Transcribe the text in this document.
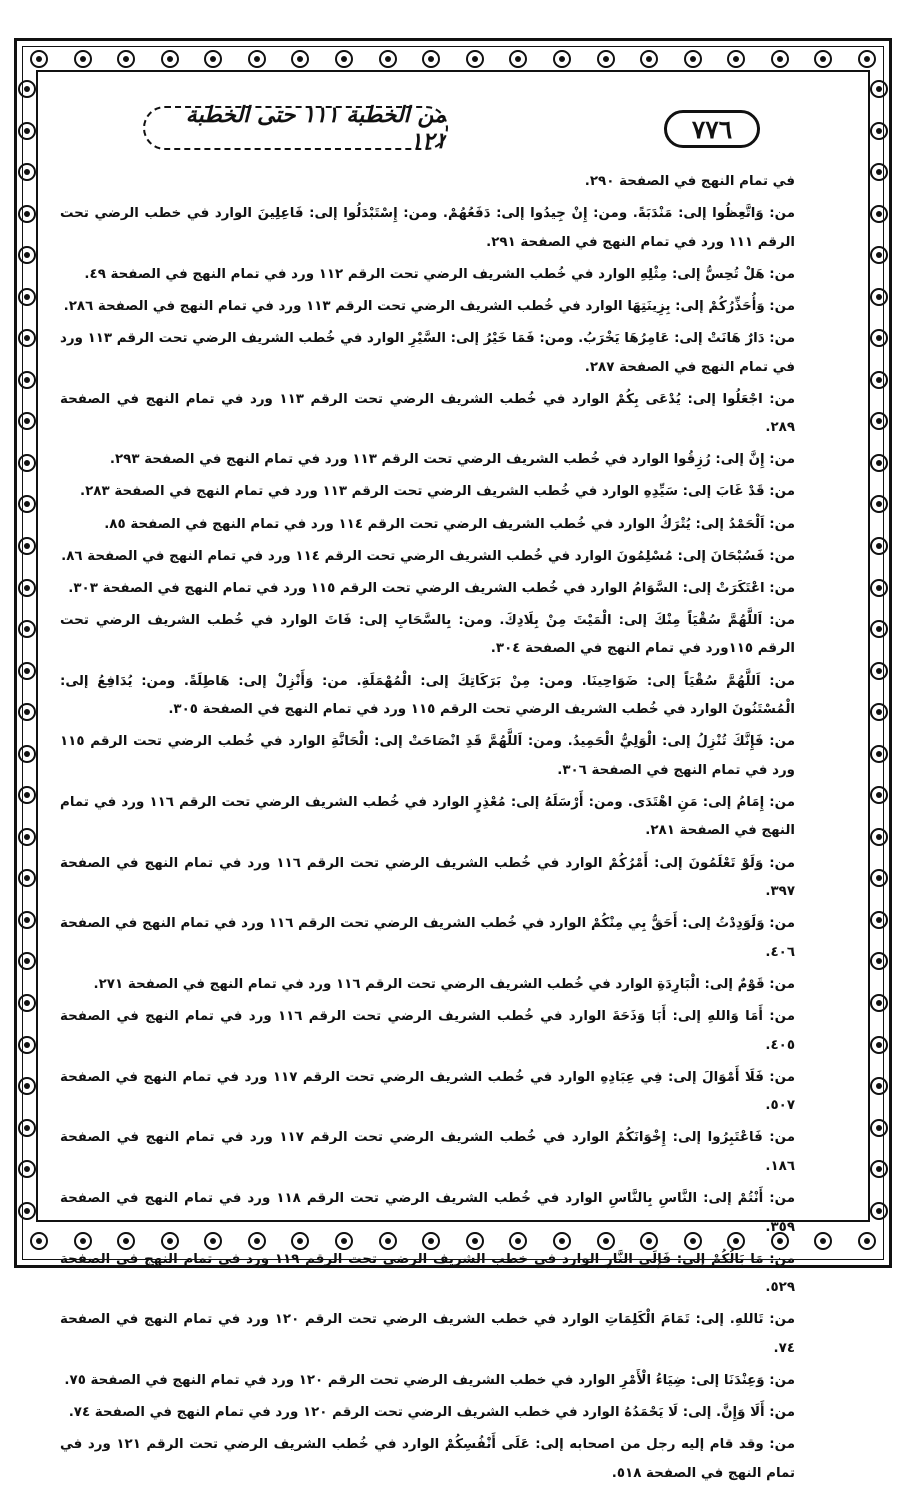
٧٧٦
من الخطبة ١١١ حتى الخطبة ١٢١

في تمام النهج في الصفحة ٢٩٠.

من: وَاتَّعِظُوا إلى: مَنْدَبَةً. ومن: إِنْ جِيدُوا إلى: دَفَعُهُمْ. ومن: إِسْتَبْدَلُوا إلى: فَاعِلِينَ الوارد في خطب الرضي تحت الرقم ١١١ ورد في تمام النهج في الصفحة ٢٩١.

من: هَلْ تُحِسُّ إلى: مِثْلِهِ الوارد في خُطب الشريف الرضي تحت الرقم ١١٢ ورد في تمام النهج في الصفحة ٤٩.

من: وَأُحَذِّرُكُمْ إلى: بِزِينَتِهَا الوارد في خُطب الشريف الرضي تحت الرقم ١١٣ ورد في تمام النهج في الصفحة ٢٨٦.

من: دَارٌ هَانَتْ إلى: عَامِرُهَا يَخْرَبُ. ومن: فَمَا خَيْرُ إلى: السَّيْرِ الوارد في خُطب الشريف الرضي تحت الرقم ١١٣ ورد في تمام النهج في الصفحة ٢٨٧.

من: اجْعَلُوا إلى: يُدْعَى بِكُمْ الوارد في خُطب الشريف الرضي تحت الرقم ١١٣ ورد في تمام النهج في الصفحة ٢٨٩.

من: إِنَّ إلى: رُزِقُوا الوارد في خُطب الشريف الرضي تحت الرقم ١١٣ ورد في تمام النهج في الصفحة ٢٩٣.

من: قَدْ غَابَ إلى: سَيِّدِهِ الوارد في خُطب الشريف الرضي تحت الرقم ١١٣ ورد في تمام النهج في الصفحة ٢٨٣.

من: اَلْحَمْدُ إلى: يُتْرَكُ الوارد في خُطب الشريف الرضي تحت الرقم ١١٤ ورد في تمام النهج في الصفحة ٨٥.

من: فَسُبْحَانَ إلى: مُسْلِمُونَ الوارد في خُطب الشريف الرضي تحت الرقم ١١٤ ورد في تمام النهج في الصفحة ٨٦.

من: اعْتَكَرَتْ إلى: السَّوَامُ الوارد في خُطب الشريف الرضي تحت الرقم ١١٥ ورد في تمام النهج في الصفحة ٣٠٣.

من: اَللَّهُمَّ سُقْيَاً مِنْكَ إلى: الْمَيْتَ مِنْ بِلَادِكَ. ومن: بِالسَّحَابِ إلى: فَاتَ الوارد في خُطب الشريف الرضي تحت الرقم ١١٥ورد في تمام النهج في الصفحة ٣٠٤.

من: اَللَّهُمَّ سُقْيَاً إلى: ضَوَاحِينَا. ومن: مِنْ بَرَكَاتِكَ إلى: الْمُهْمَلَةِ. من: وَأَنْزِلْ إلى: هَاطِلَةً. ومن: يُدَافِعُ إلى: الْمُسْتَنُونَ الوارد في خُطب الشريف الرضي تحت الرقم ١١٥ ورد في تمام النهج في الصفحة ٣٠٥.

من: فَإِنَّكَ تُنْزِلُ إلى: الْوَلِيُّ الْحَمِيدُ. ومن: اَللَّهُمَّ قَدِ انْصَاحَتْ إلى: الْحَانَّةِ الوارد في خُطب الرضي تحت الرقم ١١٥ ورد في تمام النهج في الصفحة ٣٠٦.

من: إِمَامُ إلى: مَنِ اهْتَدَى. ومن: أَرْسَلَهُ إلى: مُعْذِرٍ الوارد في خُطب الشريف الرضي تحت الرقم ١١٦ ورد في تمام النهج في الصفحة ٢٨١.

من: وَلَوْ تَعْلَمُونَ إلى: أَمْرُكُمْ الوارد في خُطب الشريف الرضي تحت الرقم ١١٦ ورد في تمام النهج في الصفحة ٣٩٧.

من: وَلَوَدِدْتُ إلى: أَحَقُّ بِي مِنْكُمْ الوارد في خُطب الشريف الرضي تحت الرقم ١١٦ ورد في تمام النهج في الصفحة ٤٠٦.

من: قَوْمٌ إلى: الْبَارِدَةِ الوارد في خُطب الشريف الرضي تحت الرقم ١١٦ ورد في تمام النهج في الصفحة ٢٧١.

من: أَمَا وَاللهِ إلى: أَبَا وَذَحَةَ الوارد في خُطب الشريف الرضي تحت الرقم ١١٦ ورد في تمام النهج في الصفحة ٤٠٥.

من: فَلَا أَمْوَالَ إلى: فِي عِبَادِهِ الوارد في خُطب الشريف الرضي تحت الرقم ١١٧ ورد في تمام النهج في الصفحة ٥٠٧.

من: فَاعْتَبِرُوا إلى: إِخْوَانَكُمْ الوارد في خُطب الشريف الرضي تحت الرقم ١١٧ ورد في تمام النهج في الصفحة ١٨٦.

من: أَنْتُمْ إلى: النَّاسِ بِالنَّاسِ الوارد في خُطب الشريف الرضي تحت الرقم ١١٨ ورد في تمام النهج في الصفحة ٣٥٩.

من: مَا بَالُكُمْ إلى: فَإِلَى النَّارِ الوارد في خطب الشريف الرضي تحت الرقم ١١٩ ورد في تمام النهج في الصفحة ٥٢٩.

من: تَاللهِ. إلى: تَمَامَ الْكَلِمَاتِ الوارد في خطب الشريف الرضي تحت الرقم ١٢٠ ورد في تمام النهج في الصفحة ٧٤.

من: وَعِنْدَنَا إلى: ضِيَاءُ الْأَمْرِ الوارد في خطب الشريف الرضي تحت الرقم ١٢٠ ورد في تمام النهج في الصفحة ٧٥.

من: أَلَا وَإِنَّ. إلى: لَا يَحْمَدُهُ الوارد في خطب الشريف الرضي تحت الرقم ١٢٠ ورد في تمام النهج في الصفحة ٧٤.

من: وقد قام إليه رجل من اصحابه إلى: عَلَى أَنْفُسِكُمْ الوارد في خُطب الشريف الرضي تحت الرقم ١٢١ ورد في تمام النهج في الصفحة ٥١٨.
